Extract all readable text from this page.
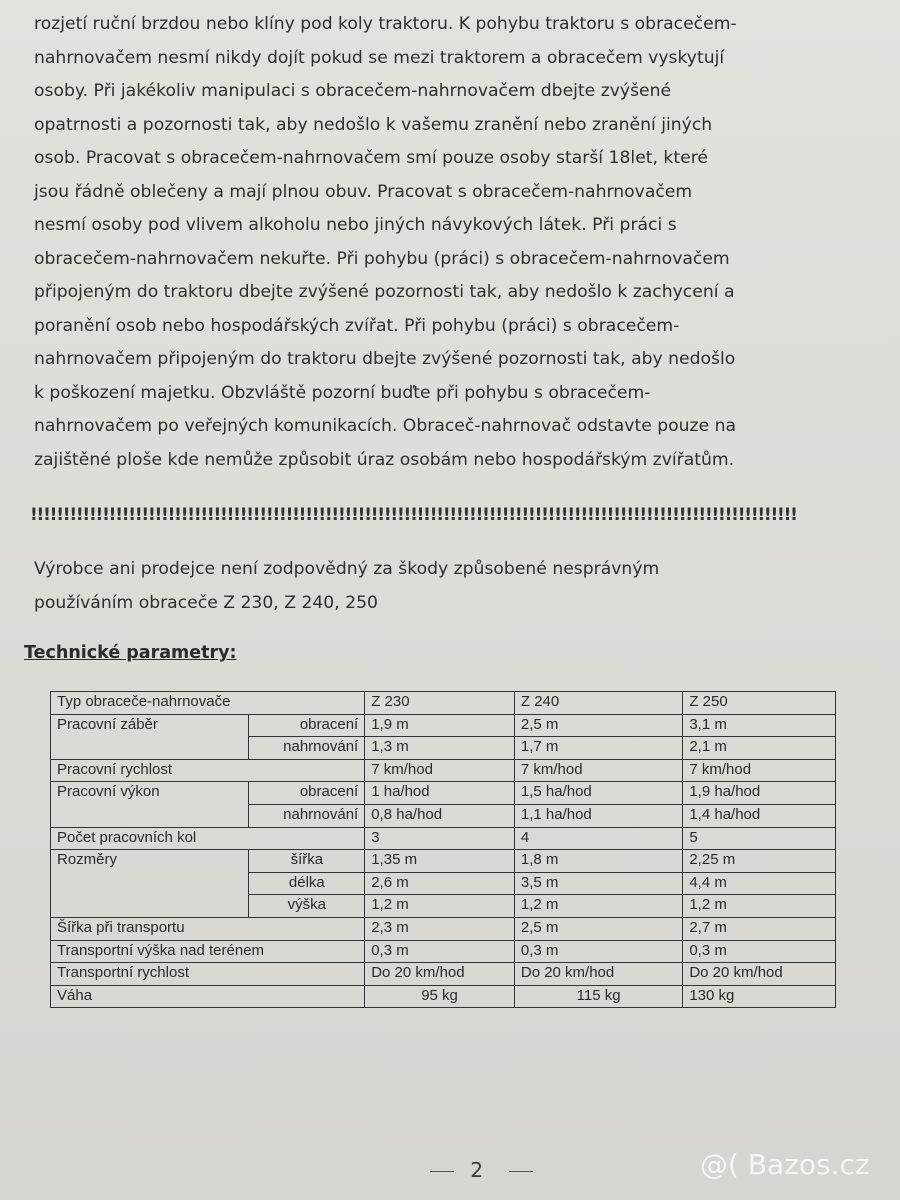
rozjetí ruční brzdou nebo klíny pod koly traktoru. K pohybu traktoru s obracečem-
nahrnovačem nesmí nikdy dojít pokud se mezi traktorem a obracečem vyskytují
osoby. Při jakékoliv manipulaci s obracečem-nahrnovačem dbejte zvýšené
opatrnosti a pozornosti tak, aby nedošlo k vašemu zranění nebo zranění jiných
osob. Pracovat s obracečem-nahrnovačem smí pouze osoby starší 18let, které
jsou řádně oblečeny a mají plnou obuv. Pracovat s obracečem-nahrnovačem
nesmí osoby pod vlivem alkoholu nebo jiných návykových látek. Při práci s
obracečem-nahrnovačem nekuřte. Při pohybu (práci) s obracečem-nahrnovačem
připojeným do traktoru dbejte zvýšené pozornosti tak, aby nedošlo k zachycení a
poranění osob nebo hospodářských zvířat. Při pohybu (práci) s obracečem-
nahrnovačem připojeným do traktoru dbejte zvýšené pozornosti tak, aby nedošlo
k poškození majetku. Obzvláště pozorní buďte při pohybu s obracečem-
nahrnovačem po veřejných komunikacích. Obraceč-nahrnovač odstavte pouze na
zajištěné ploše kde nemůže způsobit úraz osobám nebo hospodářským zvířatům.
!!!!!!!!!!!!!!!!!!!!!!!!!!!!!!!!!!!!!!!!!!!!!!!!!!!!!!!!!!!!!!!!!!!!!!!!!!!!!!!!!!!!!!!!!!!!!!!!!!!!!!!!!!!!!!!!!!!!!
Výrobce ani prodejce není zodpovědný za škody způsobené nesprávným
používáním obraceče Z 230, Z 240, 250
Technické parametry:
Typ obraceče-nahrnovače		Z 230	Z 240	Z 250
Pracovní záběr	obracení	1,9 m	2,5 m	3,1 m
	nahrnování	1,3 m	1,7 m	2,1 m
Pracovní rychlost		7 km/hod	7 km/hod	7 km/hod
Pracovní výkon	obracení	1 ha/hod	1,5 ha/hod	1,9 ha/hod
	nahrnování	0,8 ha/hod	1,1 ha/hod	1,4 ha/hod
Počet pracovních kol		3	4	5
Rozměry	šířka	1,35 m	1,8 m	2,25 m
	délka	2,6 m	3,5 m	4,4 m
	výška	1,2 m	1,2 m	1,2 m
Šířka při transportu		2,3 m	2,5 m	2,7 m
Transportní výška nad terénem		0,3 m	0,3 m	0,3 m
Transportní rychlost		Do 20 km/hod	Do 20 km/hod	Do 20 km/hod
Váha		95 kg	115 kg	130 kg
2	@( Bazos.cz
